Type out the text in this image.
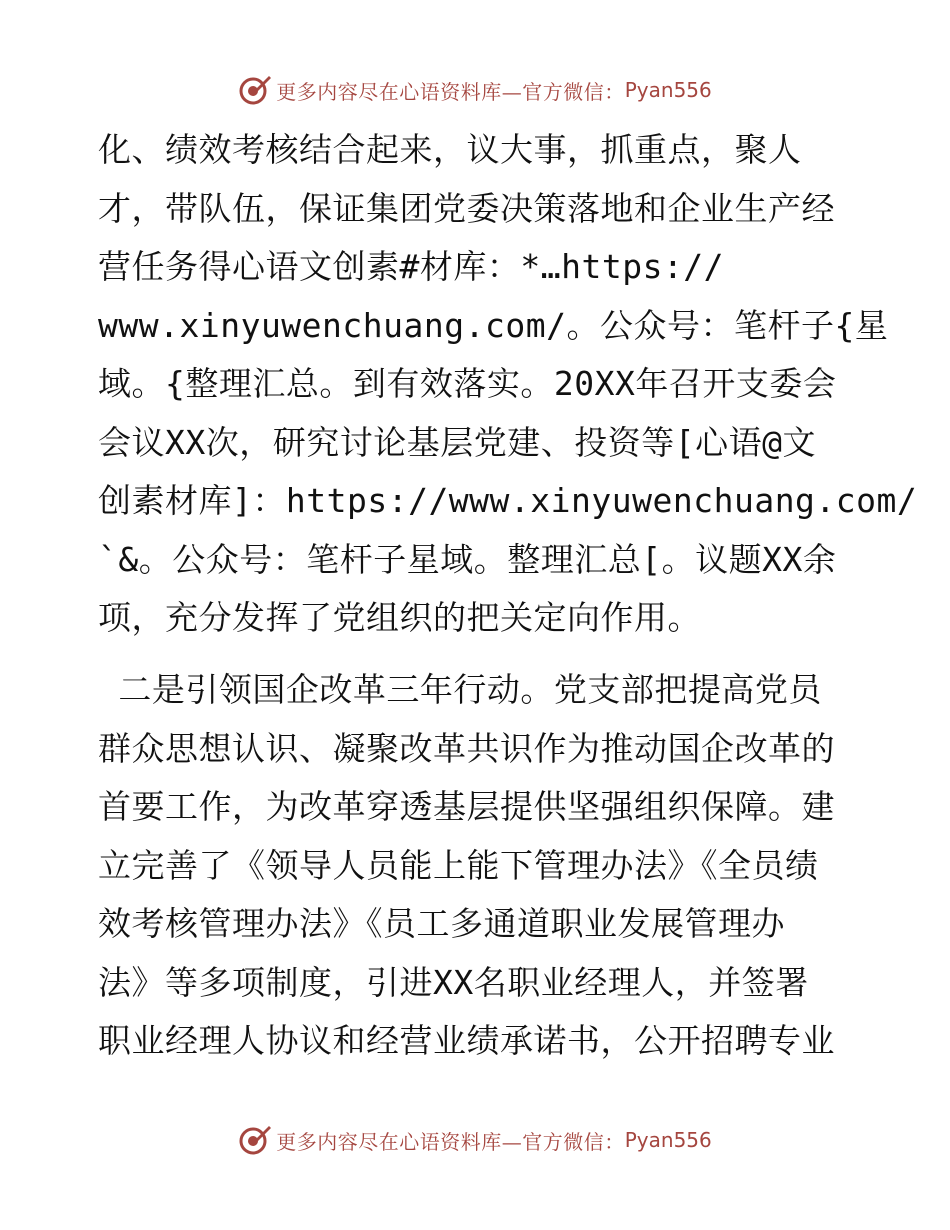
更多内容尽在心语资料库—官方微信： Pyan556
化、绩效考核结合起来，议大事，抓重点，聚人
才，带队伍，保证集团党委决策落地和企业生产经
营任务得心语文创素#材库：*…https://
www.xinyuwenchuang.com/。公众号：笔杆子{星
域。{整理汇总。到有效落实。20XX年召开支委会
会议XX次，研究讨论基层党建、投资等[心语@文
创素材库]：https://www.xinyuwenchuang.com/
`&。公众号：笔杆子星域。整理汇总[。议题XX余
项，充分发挥了党组织的把关定向作用。
二是引领国企改革三年行动。党支部把提高党员
群众思想认识、凝聚改革共识作为推动国企改革的
首要工作，为改革穿透基层提供坚强组织保障。建
立完善了《领导人员能上能下管理办法》《全员绩
效考核管理办法》《员工多通道职业发展管理办
法》等多项制度，引进XX名职业经理人，并签署
职业经理人协议和经营业绩承诺书，公开招聘专业
更多内容尽在心语资料库—官方微信： Pyan556
